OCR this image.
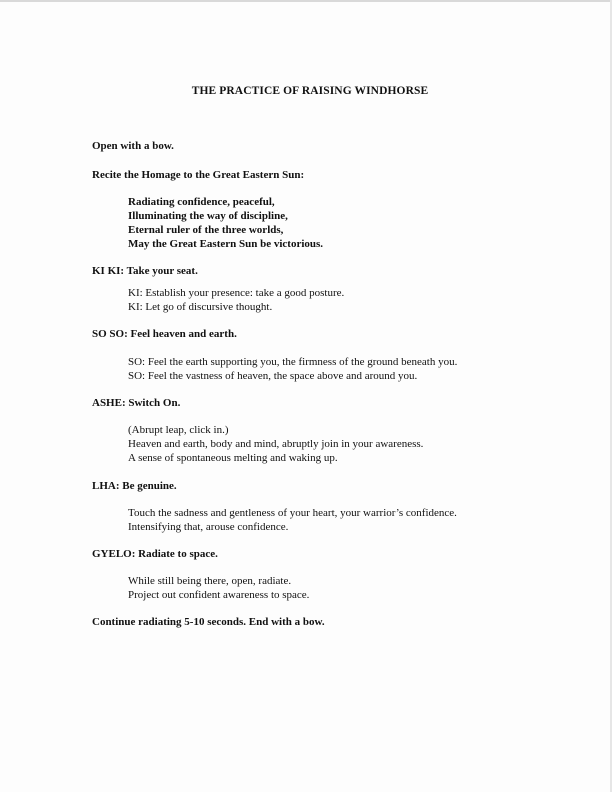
THE PRACTICE OF RAISING WINDHORSE
Open with a bow.
Recite the Homage to the Great Eastern Sun:
Radiating confidence, peaceful,
Illuminating the way of discipline,
Eternal ruler of the three worlds,
May the Great Eastern Sun be victorious.
KI KI: Take your seat.
KI: Establish your presence: take a good posture.
KI: Let go of discursive thought.
SO SO: Feel heaven and earth.
SO: Feel the earth supporting you, the firmness of the ground beneath you.
SO: Feel the vastness of heaven, the space above and around you.
ASHE: Switch On.
(Abrupt leap, click in.)
Heaven and earth, body and mind, abruptly join in your awareness.
A sense of spontaneous melting and waking up.
LHA: Be genuine.
Touch the sadness and gentleness of your heart, your warrior’s confidence.
Intensifying that, arouse confidence.
GYELO: Radiate to space.
While still being there, open, radiate.
Project out confident awareness to space.
Continue radiating 5-10 seconds. End with a bow.
